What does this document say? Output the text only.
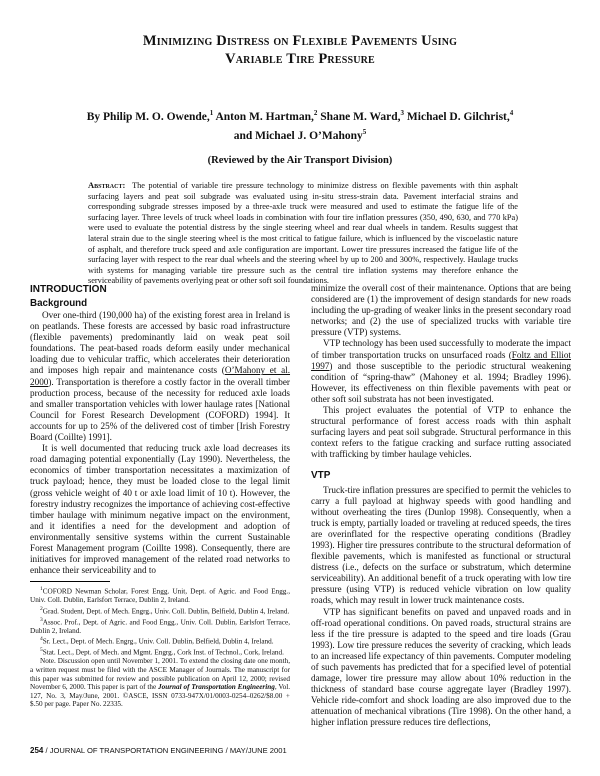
Minimizing Distress on Flexible Pavements Using
Variable Tire Pressure
By Philip M. O. Owende,$^1$ Anton M. Hartman,$^2$ Shane M. Ward,$^3$ Michael D. Gilchrist,$^4$
and Michael J. O’Mahony$^5$
(Reviewed by the Air Transport Division)
Abstract: The potential of variable tire pressure technology to minimize distress on flexible pavements with thin asphalt surfacing layers and peat soil subgrade was evaluated using in-situ stress-strain data. Pavement interfacial strains and corresponding subgrade stresses imposed by a three-axle truck were measured and used to estimate the fatigue life of the surfacing layer. Three levels of truck wheel loads in combination with four tire inflation pressures (350, 490, 630, and 770 kPa) were used to evaluate the potential distress by the single steering wheel and rear dual wheels in tandem. Results suggest that lateral strain due to the single steering wheel is the most critical to fatigue failure, which is influenced by the viscoelastic nature of asphalt, and therefore truck speed and axle configuration are important. Lower tire pressures increased the fatigue life of the surfacing layer with respect to the rear dual wheels and the steering wheel by up to 200 and 300%, respectively. Haulage trucks with systems for managing variable tire pressure such as the central tire inflation systems may therefore enhance the serviceability of pavements overlying peat or other soft soil foundations.
INTRODUCTION
Background

Over one-third (190,000 ha) of the existing forest area in Ireland is on peatlands. These forests are accessed by basic road infrastructure (flexible pavements) predominantly laid on weak peat soil foundations. The peat-based roads deform easily under mechanical loading due to vehicular traffic, which accelerates their deterioration and imposes high repair and maintenance costs (O’Mahony et al. 2000). Transportation is therefore a costly factor in the overall timber production process, because of the necessity for reduced axle loads and smaller transportation vehicles with lower haulage rates [National Council for Forest Research Development (COFORD) 1994]. It accounts for up to 25% of the delivered cost of timber [Irish Forestry Board (Coillte) 1991].

It is well documented that reducing truck axle load decreases its road damaging potential exponentially (Lay 1990). Nevertheless, the economics of timber transportation necessitates a maximization of truck payload; hence, they must be loaded close to the legal limit (gross vehicle weight of 40 t or axle load limit of 10 t). However, the forestry industry recognizes the importance of achieving cost-effective timber haulage with minimum negative impact on the environment, and it identifies a need for the development and adoption of environmentally sensitive systems within the current Sustainable Forest Management program (Coillte 1998). Consequently, there are initiatives for improved management of the related road networks to enhance their serviceability and to

$^1$COFORD Newman Scholar, Forest Engg. Unit, Dept. of Agric. and Food Engg., Univ. Coll. Dublin, Earlsfort Terrace, Dublin 2, Ireland.

$^2$Grad. Student, Dept. of Mech. Engrg., Univ. Coll. Dublin, Belfield, Dublin 4, Ireland.

$^3$Assoc. Prof., Dept. of Agric. and Food Engg., Univ. Coll. Dublin, Earlsfort Terrace, Dublin 2, Ireland.

$^4$Sr. Lect., Dept. of Mech. Engrg., Univ. Coll. Dublin, Belfield, Dublin 4, Ireland.

$^5$Stat. Lect., Dept. of Mech. and Mgmt. Engrg., Cork Inst. of Technol., Cork, Ireland.

Note. Discussion open until November 1, 2001. To extend the closing date one month, a written request must be filed with the ASCE Manager of Journals. The manuscript for this paper was submitted for review and possible publication on April 12, 2000; revised November 6, 2000. This paper is part of the Journal of Transportation Engineering, Vol. 127, No. 3, May/June, 2001. ©ASCE, ISSN 0733-947X/01/0003-0254–0262/$8.00 + $.50 per page. Paper No. 22335.

minimize the overall cost of their maintenance. Options that are being considered are (1) the improvement of design standards for new roads including the up-grading of weaker links in the present secondary road networks; and (2) the use of specialized trucks with variable tire pressure (VTP) systems.

VTP technology has been used successfully to moderate the impact of timber transportation trucks on unsurfaced roads (Foltz and Elliot 1997) and those susceptible to the periodic structural weakening condition of “spring-thaw” (Mahoney et al. 1994; Bradley 1996). However, its effectiveness on thin flexible pavements with peat or other soft soil substrata has not been investigated.

This project evaluates the potential of VTP to enhance the structural performance of forest access roads with thin asphalt surfacing layers and peat soil subgrade. Structural performance in this context refers to the fatigue cracking and surface rutting associated with trafficking by timber haulage vehicles.

VTP

Truck-tire inflation pressures are specified to permit the vehicles to carry a full payload at highway speeds with good handling and without overheating the tires (Dunlop 1998). Consequently, when a truck is empty, partially loaded or traveling at reduced speeds, the tires are overinflated for the respective operating conditions (Bradley 1993). Higher tire pressures contribute to the structural deformation of flexible pavements, which is manifested as functional or structural distress (i.e., defects on the surface or substratum, which determine serviceability). An additional benefit of a truck operating with low tire pressure (using VTP) is reduced vehicle vibration on low quality roads, which may result in lower truck maintenance costs.

VTP has significant benefits on paved and unpaved roads and in off-road operational conditions. On paved roads, structural strains are less if the tire pressure is adapted to the speed and tire loads (Grau 1993). Low tire pressure reduces the severity of cracking, which leads to an increased life expectancy of thin pavements. Computer modeling of such pavements has predicted that for a specified level of potential damage, lower tire pressure may allow about 10% reduction in the thickness of standard base course aggregate layer (Bradley 1997). Vehicle ride-comfort and shock loading are also improved due to the attenuation of mechanical vibrations (Tire 1998). On the other hand, a higher inflation pressure reduces tire deflections,

254 / JOURNAL OF TRANSPORTATION ENGINEERING / MAY/JUNE 2001
